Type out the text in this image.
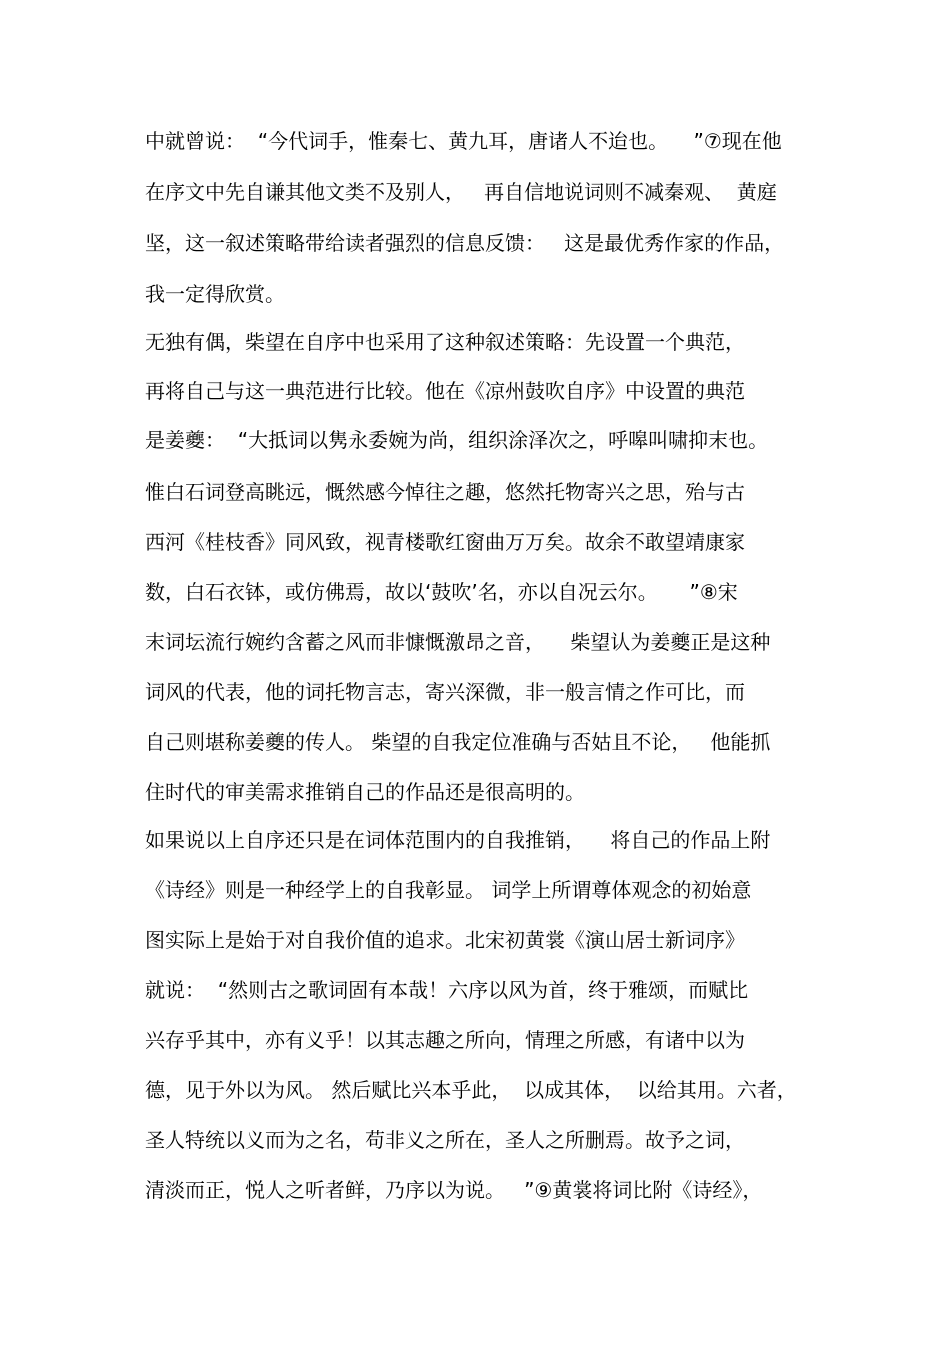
中就曾说：  “今代词手，惟秦七、黄九耳，唐诸人不迨也。    ”⑦现在他

在序文中先自谦其他文类不及别人，   再自信地说词则不减秦观、  黄庭

坚，这一叙述策略带给读者强烈的信息反馈：   这是最优秀作家的作品，

我一定得欣赏。

无独有偶，柴望在自序中也采用了这种叙述策略：先设置一个典范，

再将自己与这一典范进行比较。他在《凉州鼓吹自序》中设置的典范

是姜夔：  “大抵词以隽永委婉为尚，组织涂泽次之，呼嗥叫啸抑末也。

惟白石词登高眺远，慨然感今悼往之趣，悠然托物寄兴之思，殆与古

西河《桂枝香》同风致，视青楼歌红窗曲万万矣。故余不敢望靖康家

数，白石衣钵，或仿佛焉，故以‘鼓吹’名，亦以自况云尔。     ”⑧宋

末词坛流行婉约含蓄之风而非慷慨激昂之音，    柴望认为姜夔正是这种

词风的代表，他的词托物言志，寄兴深微，非一般言情之作可比，而

自己则堪称姜夔的传人。 柴望的自我定位准确与否姑且不论，   他能抓

住时代的审美需求推销自己的作品还是很高明的。

如果说以上自序还只是在词体范围内的自我推销，    将自己的作品上附

《诗经》则是一种经学上的自我彰显。 词学上所谓尊体观念的初始意

图实际上是始于对自我价值的追求。北宋初黄裳《演山居士新词序》

就说：  “然则古之歌词固有本哉！六序以风为首，终于雅颂，而赋比

兴存乎其中，亦有义乎！以其志趣之所向，情理之所感，有诸中以为

德，见于外以为风。 然后赋比兴本乎此，  以成其体，  以给其用。六者，

圣人特统以义而为之名，苟非义之所在，圣人之所删焉。故予之词，

清淡而正，悦人之听者鲜，乃序以为说。   ”⑨黄裳将词比附《诗经》，
